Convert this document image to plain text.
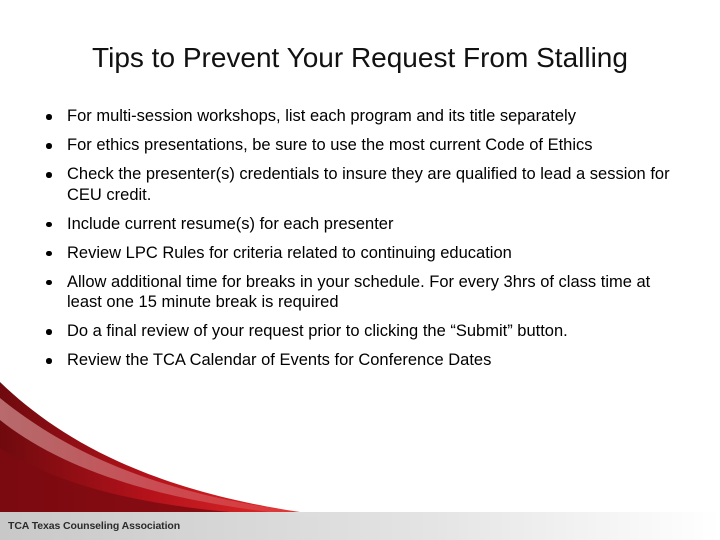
Tips to Prevent Your Request From Stalling
For multi-session workshops, list each program and its title separately
For ethics presentations, be sure to use the most current Code of Ethics
Check the presenter(s) credentials to insure they are qualified to lead a session for CEU credit.
Include current resume(s) for each presenter
Review LPC Rules for criteria related to continuing education
Allow additional time for breaks in your schedule. For every 3hrs of class time at least one 15 minute break is required
Do a final review of your request prior to clicking the “Submit” button.
Review the TCA Calendar of Events for Conference Dates
TCA Texas Counseling Association
